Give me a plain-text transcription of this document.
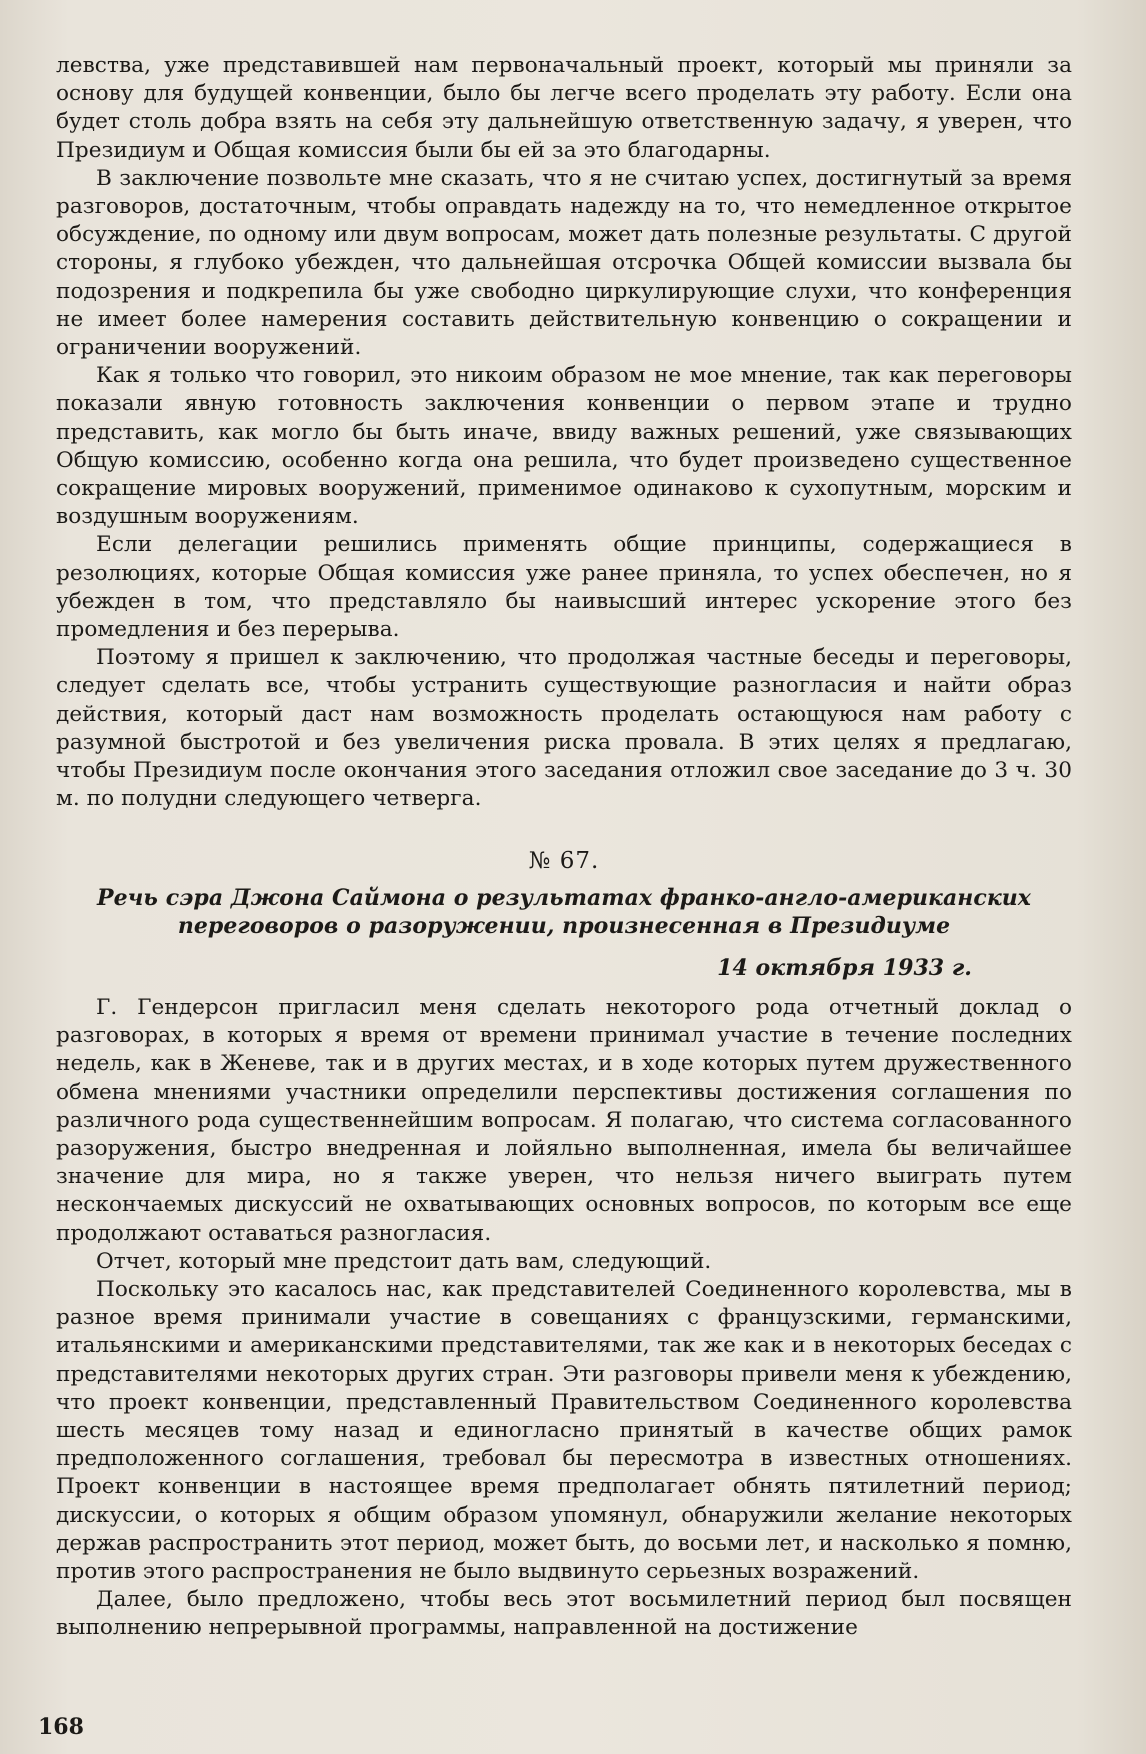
левства, уже представившей нам первоначальный проект, который мы приняли за основу для будущей конвенции, было бы легче всего проделать эту работу. Если она будет столь добра взять на себя эту дальнейшую ответственную задачу, я уверен, что Президиум и Общая комиссия были бы ей за это благодарны.

В заключение позвольте мне сказать, что я не считаю успех, достигнутый за время разговоров, достаточным, чтобы оправдать надежду на то, что немедленное открытое обсуждение, по одному или двум вопросам, может дать полезные результаты. С другой стороны, я глубоко убежден, что дальнейшая отсрочка Общей комиссии вызвала бы подозрения и подкрепила бы уже свободно циркулирующие слухи, что конференция не имеет более намерения составить действительную конвенцию о сокращении и ограничении вооружений.

Как я только что говорил, это никоим образом не мое мнение, так как переговоры показали явную готовность заключения конвенции о первом этапе и трудно представить, как могло бы быть иначе, ввиду важных решений, уже связывающих Общую комиссию, особенно когда она решила, что будет произведено существенное сокращение мировых вооружений, применимое одинаково к сухопутным, морским и воздушным вооружениям.

Если делегации решились применять общие принципы, содержащиеся в резолюциях, которые Общая комиссия уже ранее приняла, то успех обеспечен, но я убежден в том, что представляло бы наивысший интерес ускорение этого без промедления и без перерыва.

Поэтому я пришел к заключению, что продолжая частные беседы и переговоры, следует сделать все, чтобы устранить существующие разногласия и найти образ действия, который даст нам возможность проделать остающуюся нам работу с разумной быстротой и без увеличения риска провала. В этих целях я предлагаю, чтобы Президиум после окончания этого заседания отложил свое заседание до 3 ч. 30 м. по полудни следующего четверга.

№ 67.
Речь сэра Джона Саймона о результатах франко-англо-американских переговоров о разоружении, произнесенная в Президиуме
14 октября 1933 г.

Г. Гендерсон пригласил меня сделать некоторого рода отчетный доклад о разговорах, в которых я время от времени принимал участие в течение последних недель, как в Женеве, так и в других местах, и в ходе которых путем дружественного обмена мнениями участники определили перспективы достижения соглашения по различного рода существеннейшим вопросам. Я полагаю, что система согласованного разоружения, быстро внедренная и лойяльно выполненная, имела бы величайшее значение для мира, но я также уверен, что нельзя ничего выиграть путем нескончаемых дискуссий не охватывающих основных вопросов, по которым все еще продолжают оставаться разногласия.

Отчет, который мне предстоит дать вам, следующий.

Поскольку это касалось нас, как представителей Соединенного королевства, мы в разное время принимали участие в совещаниях с французскими, германскими, итальянскими и американскими представителями, так же как и в некоторых беседах с представителями некоторых других стран. Эти разговоры привели меня к убеждению, что проект конвенции, представленный Правительством Соединенного королевства шесть месяцев тому назад и единогласно принятый в качестве общих рамок предположенного соглашения, требовал бы пересмотра в известных отношениях. Проект конвенции в настоящее время предполагает обнять пятилетний период; дискуссии, о которых я общим образом упомянул, обнаружили желание некоторых держав распространить этот период, может быть, до восьми лет, и насколько я помню, против этого распространения не было выдвинуто серьезных возражений.

Далее, было предложено, чтобы весь этот восьмилетний период был посвящен выполнению непрерывной программы, направленной на достижение

168
